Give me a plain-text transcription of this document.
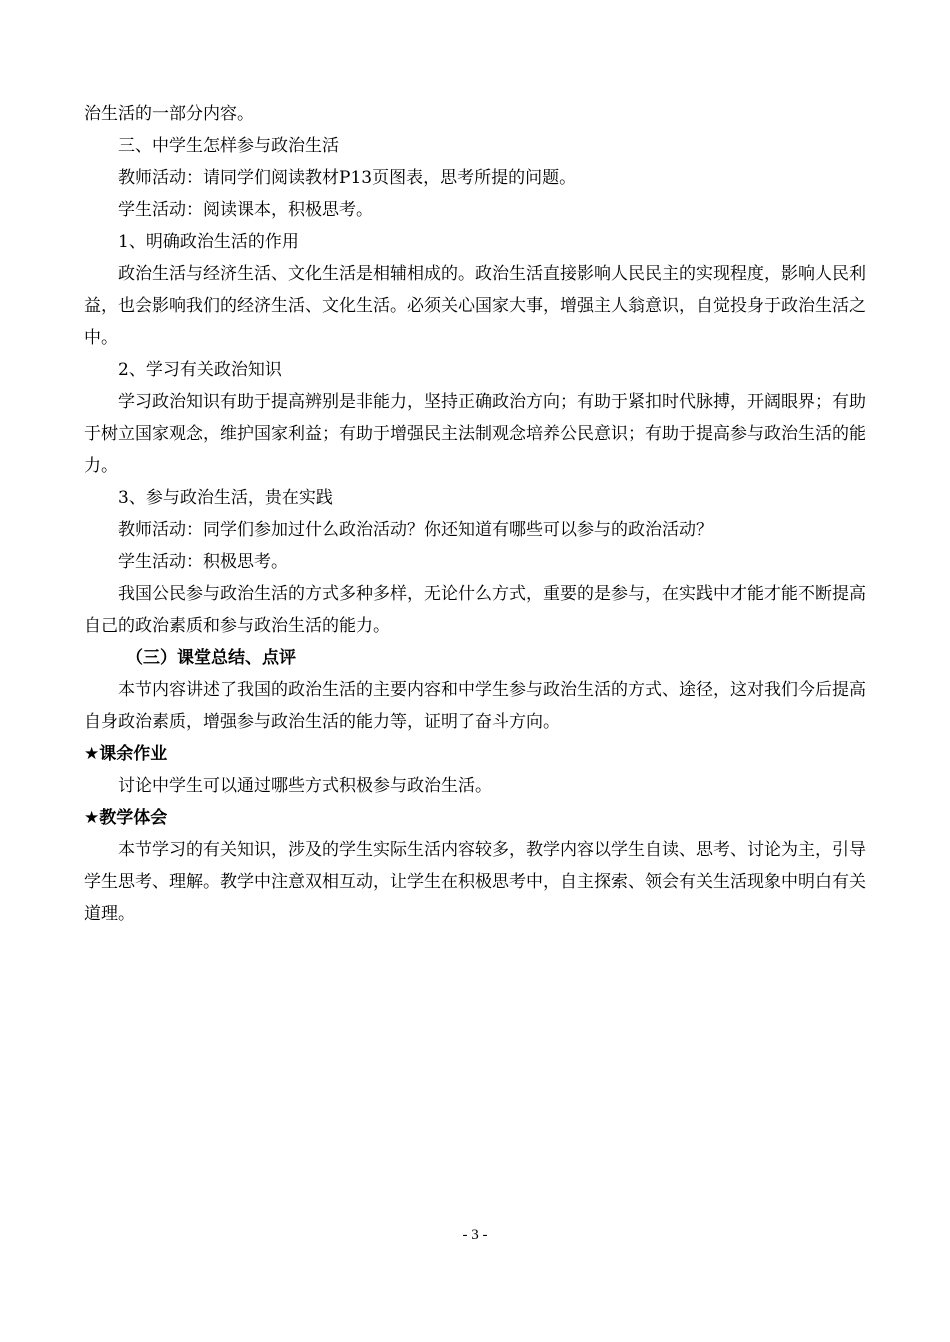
治生活的一部分内容。
三、中学生怎样参与政治生活
教师活动：请同学们阅读教材P13页图表，思考所提的问题。
学生活动：阅读课本，积极思考。
1、明确政治生活的作用

政治生活与经济生活、文化生活是相辅相成的。政治生活直接影响人民民主的实现程度，影响人民利益，也会影响我们的经济生活、文化生活。必须关心国家大事，增强主人翁意识，自觉投身于政治生活之中。

2、学习有关政治知识

学习政治知识有助于提高辨别是非能力，坚持正确政治方向；有助于紧扣时代脉搏，开阔眼界；有助于树立国家观念，维护国家利益；有助于增强民主法制观念培养公民意识；有助于提高参与政治生活的能力。

3、参与政治生活，贵在实践
教师活动：同学们参加过什么政治活动？你还知道有哪些可以参与的政治活动？
学生活动：积极思考。

我国公民参与政治生活的方式多种多样，无论什么方式，重要的是参与，在实践中才能才能不断提高自己的政治素质和参与政治生活的能力。

（三）课堂总结、点评

本节内容讲述了我国的政治生活的主要内容和中学生参与政治生活的方式、途径，这对我们今后提高自身政治素质，增强参与政治生活的能力等，证明了奋斗方向。

★课余作业
讨论中学生可以通过哪些方式积极参与政治生活。
★教学体会

本节学习的有关知识，涉及的学生实际生活内容较多，教学内容以学生自读、思考、讨论为主，引导学生思考、理解。教学中注意双相互动，让学生在积极思考中，自主探索、领会有关生活现象中明白有关道理。

- 3 -
